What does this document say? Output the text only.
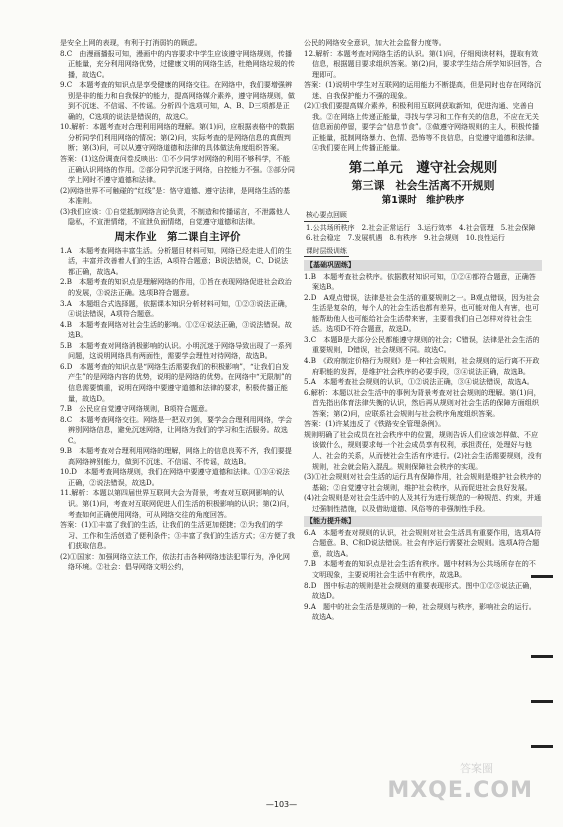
是安全上网的表现，有利于打消弱钓的顾虑。

8.C　由漫画播报可知，漫画中的内容要求中学生应该遵守网络规则，传播正能量，充分利用网络优势，过健康文明的网络生活，杜绝网络垃圾的传播，故选C。

9.C　本题考查的知识点是享受健康的网络交往。在网络中，我们要增强辨别是非的能力和自我保护的能力，提高网络媒介素养，遵守网络规则，做到不沉迷、不信谣、不传谣。分析四个选项可知，A、B、D三项都是正确的，C选项的说法是错误的，故选C。

10.解析：本题考查对合理利用网络的理解。第(1)问，应根据表格中的数据分析同学们利用网络的情况；第(2)问，实际考查的是网络信息的真假判断；第(3)问，可以从遵守网络道德和法律的具体做法角度组织答案。

答案：(1)这份调查问卷反映出：①不少同学对网络的利用不够科学，不能正确认识网络的作用。②部分同学沉迷于网络，自控能力不强。③部分同学上网时不遵守道德和法律。

(2)网络世界不可触碰的“红线”是：恪守道德、遵守法律，是网络生活的基本准则。

(3)我们应该：①自觉抵制网络言论负责，不制造和传播谣言，不泄露他人隐私，不宣泄情绪，不宣泄负面情绪，自觉遵守道德和法律。

周末作业　第二课自主评价

1.A　本题考查网络丰富生活。分析题目材料可知，网络已经走进人们的生活，丰富并改善着人们的生活，A项符合题意；B说法错误，C、D说法都正确，故选A。

2.B　本题考查的知识点是理解网络的作用，①旨在表现网络促进社会政治的发展，③说法正确。选项B符合题意。

3.A　本题组合式选择题，依据课本知识分析材料可知，①②③说法正确，④说法错误，A项符合题意。

4.B　本题考查网络对社会生活的影响。①②④说法正确，③说法错误。故选B。

5.B　本题考查对网络消极影响的认识。小明沉迷于网络导致出现了一系列问题，这说明网络具有两面性，需要学会理性对待网络，故选B。

6.D　本题考查的知识点是“网络生活需要我们的积极影响”，“让我们自发产生”的是网络内容的优势，说明的是网络的优势。在网络中“无限制”的信息需要慎重，说明在网络中要遵守道德和法律的要求，积极传播正能量，故选D。

7.B　公民应自觉遵守网络规则，B项符合题意。

8.C　本题考查网络交往。网络是一把双刃剑，要学会合理利用网络，学会辨别网络信息，避免沉迷网络，让网络为我们的学习和生活服务。故选C。

9.B　本题考查对合理利用网络的理解，网络上的信息良莠不齐，我们要提高网络辨别能力，做到不沉迷、不信谣、不传谣，故选B。

10.D　本题考查网络规则，我们在网络中要遵守道德和法律。①③④说法正确，②说法错误，故选D。

11.解析：本题以第四届世界互联网大会为背景，考查对互联网影响的认识。第(1)问，考查对互联网促进人们生活的积极影响的认识；第(2)问，考查如何正确使用网络，可从网络交往的角度回答。

答案：(1)①丰富了我们的生活，让我们的生活更加便捷；②为我们的学习、工作和生活创造了便利条件；③丰富了我们的生活方式；④方便了我们获取信息。

(2)①国家：加强网络立法工作，依法打击各种网络违法犯罪行为，净化网络环境。②社会：倡导网络文明公约，

公民的网络安全意识，加大社会监督力度等。

12.解析：本题考查对网络生活的认识。第(1)问，仔细阅读材料，提取有效信息，根据题目要求组织答案。第(2)问，要求学生结合所学知识回答，合理即可。

答案：(1)说明中学生对互联网的运用能力不断提高，但是同时也存在网络沉迷、自我保护能力不强的现象。

(2)①我们要提高媒介素养，积极利用互联网获取新知，促进沟通、完善自我。②在网络上传递正能量，寻找与学习和工作有关的信息，不应在无关信息面前停留，要学会“信息节食”。③做遵守网络规则的主人，积极传播正能量，抵制网络暴力、色情、恐怖等不良信息，自觉遵守道德和法律。④我们要在网上传播正能量。

第二单元　遵守社会规则
第三课　社会生活离不开规则
第1课时　维护秩序
核心要点回顾

1.公共场所秩序　2.社会正常运行　3.运行效率　4.社会管理　5.社会保障　6.社会稳定　7.发展机遇　8.有秩序　9.社会规则　10.良性运行

课时层级训练
【基础巩固练】

1.B　本题考查社会秩序。依据教材知识可知，①②④都符合题意，正确答案选B。

2.D　A观点错误，法律是社会生活的重要规则之一。B观点错误，因为社会生活是复杂的，每个人的社会生活也都有差异，也可能对他人有害，也可能帮助他人也可能给社会生活带来害，主要看我们自己怎样对待社会生活。选项D不符合题意，故选D。

3.C　本题B是大部分公民都能遵守规则的社会；C错误，法律是社会生活的重要规则，D错误，社会规则不同。故选C。

4.B　《政府制定价格行为规则》是一种社会规则，社会规则的运行离不开政府职能的发挥，是维护社会秩序的必要手段，③④说法正确，故选B。

5.A　本题考查社会规则的认识，①②说法正确，③④说法错误，故选A。

6.解析：本题以社会生活中的事例为背景考查对社会规则的理解。第(1)问，首先指出体育法律失衡的认识，然后再从规则对社会生活的保障方面组织答案；第(2)问，应联系社会规则与社会秩序角度组织答案。

答案：(1)许某违反了《铁路安全管理条例》。

规则明确了社会成员在社会秩序中的位置，规则告诉人们应该怎样做、不应该做什么，规则要求每一个社会成员享有权利，承担责任，处理好与他人、社会的关系，从而使社会生活有序进行。(2)社会生活需要规则，没有规则，社会就会陷入混乱。规则保障社会秩序的实现。

(3)①社会规则对社会生活的运行具有保障作用，社会规则是维护社会秩序的基础；②自觉遵守社会规则，维护社会秩序，从而促进社会良好发展。

(4)社会规则是对社会生活中的人及其行为进行规范的一种规范、约束，并通过强制性措施，以及借助道德、风俗等的非强制性手段。

【能力提升练】

6.A　本题考查对规则的认识，社会规则对社会生活具有重要作用，选项A符合题意。B、C和D说法错误。社会有序运行需要社会规则。选项A符合题意，故选A。

7.B　本题考查的知识点是社会生活有秩序。题中材料为公共场所存在的不文明现象，主要说明社会生活中有秩序，故选B。

8.D　图中标志的规则是社会规则的重要表现形式。图中①②③说法正确，故选D。

9.A　题中的社会生活是规则的一种，社会规则与秩序，影响社会的运行。故选A。

答案圈
MXQE.COM
—103—
